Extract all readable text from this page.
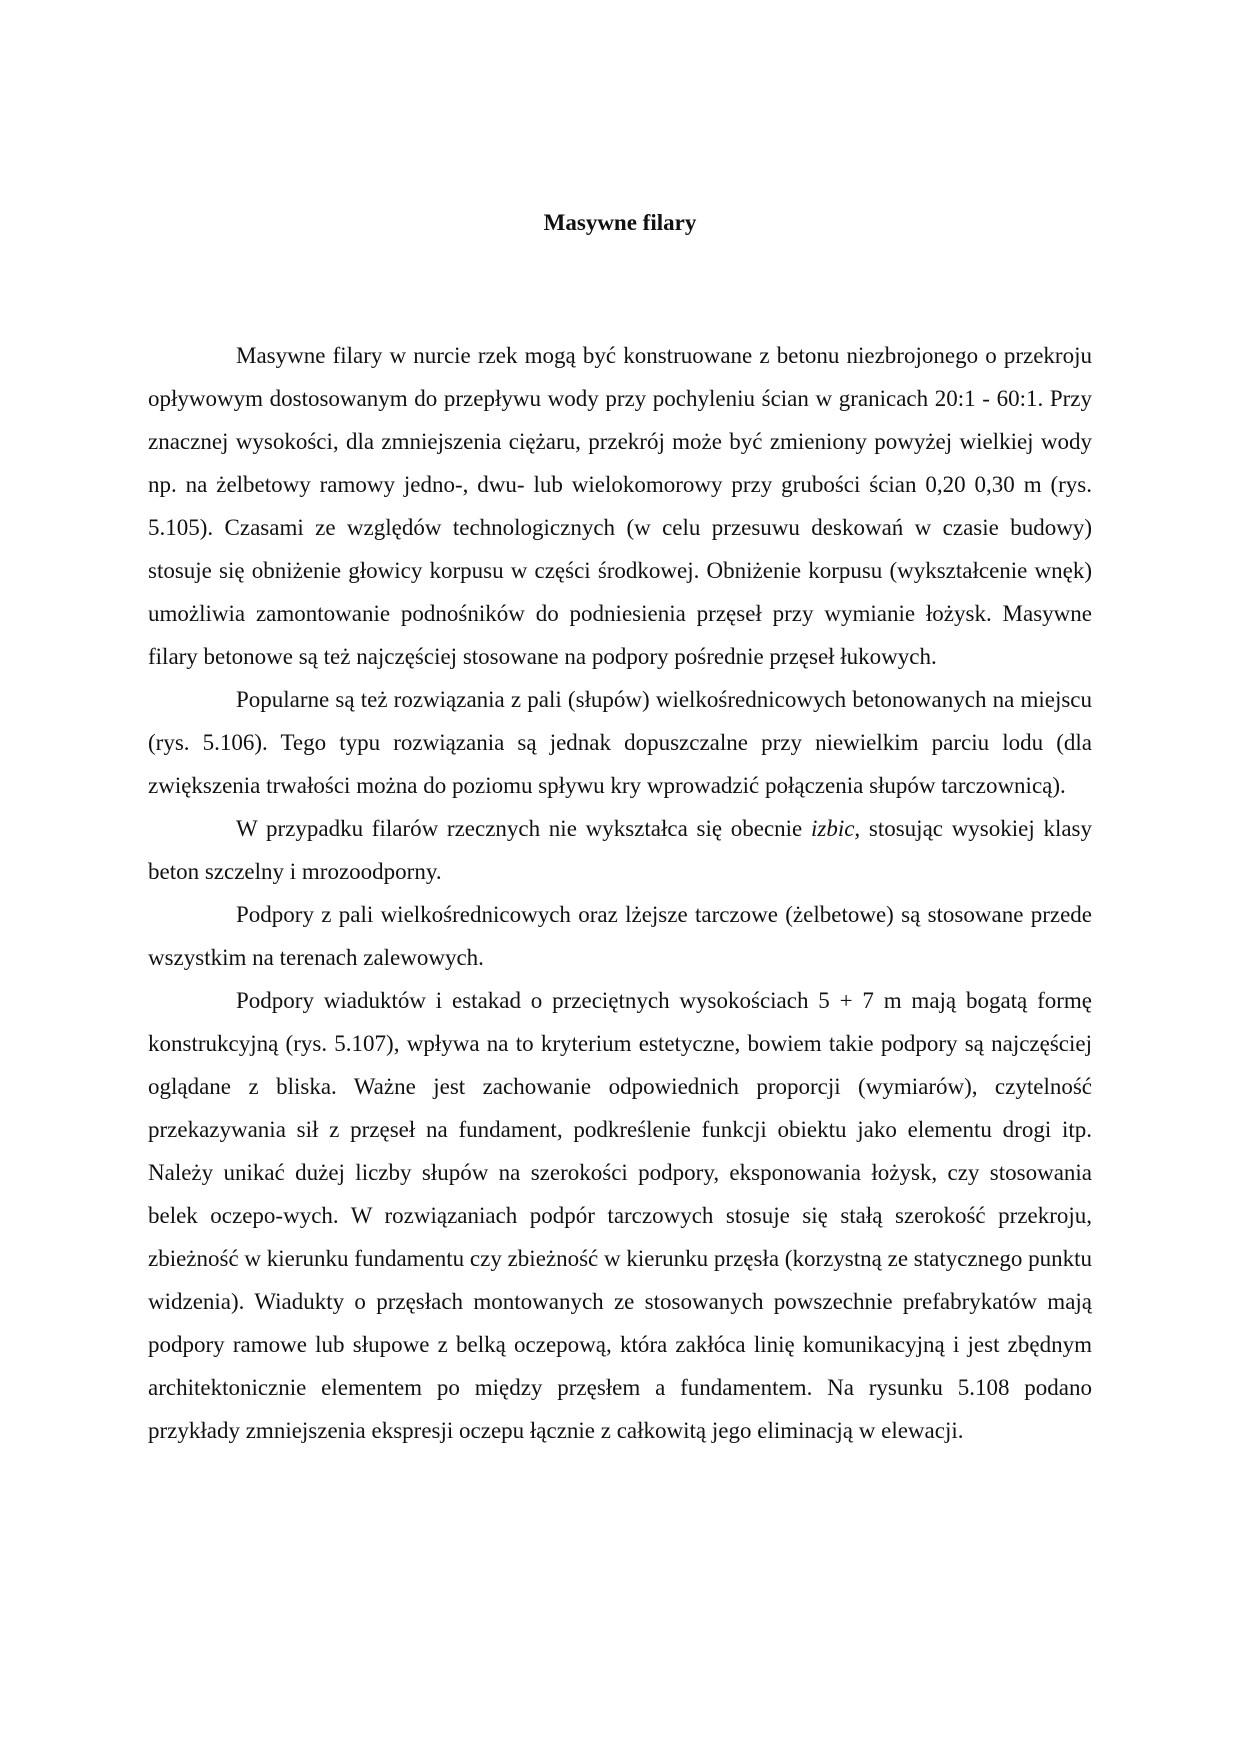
Masywne filary

Masywne filary w nurcie rzek mogą być konstruowane z betonu niezbrojonego o przekroju opływowym dostosowanym do przepływu wody przy pochyleniu ścian w granicach 20:1 - 60:1. Przy znacznej wysokości, dla zmniejszenia ciężaru, przekrój może być zmieniony powyżej wielkiej wody np. na żelbetowy ramowy jedno-, dwu- lub wielokomorowy przy grubości ścian 0,20 0,30 m (rys. 5.105). Czasami ze względów technologicznych (w celu przesuwu deskowań w czasie budowy) stosuje się obniżenie głowicy korpusu w części środkowej. Obniżenie korpusu (wykształcenie wnęk) umożliwia zamontowanie podnośników do podniesienia przęseł przy wymianie łożysk. Masywne filary betonowe są też najczęściej stosowane na podpory pośrednie przęseł łukowych.

Popularne są też rozwiązania z pali (słupów) wielkośrednicowych betonowanych na miejscu (rys. 5.106). Tego typu rozwiązania są jednak dopuszczalne przy niewielkim parciu lodu (dla zwiększenia trwałości można do poziomu spływu kry wprowadzić połączenia słupów tarczownicą).

W przypadku filarów rzecznych nie wykształca się obecnie izbic, stosując wysokiej klasy beton szczelny i mrozoodporny.

Podpory z pali wielkośrednicowych oraz lżejsze tarczowe (żelbetowe) są stosowane przede wszystkim na terenach zalewowych.

Podpory wiaduktów i estakad o przeciętnych wysokościach 5 + 7 m mają bogatą formę konstrukcyjną (rys. 5.107), wpływa na to kryterium estetyczne, bowiem takie podpory są najczęściej oglądane z bliska. Ważne jest zachowanie odpowiednich proporcji (wymiarów), czytelność przekazywania sił z przęseł na fundament, podkreślenie funkcji obiektu jako elementu drogi itp. Należy unikać dużej liczby słupów na szerokości podpory, eksponowania łożysk, czy stosowania belek oczepo-wych. W rozwiązaniach podpór tarczowych stosuje się stałą szerokość przekroju, zbieżność w kierunku fundamentu czy zbieżność w kierunku przęsła (korzystną ze statycznego punktu widzenia). Wiadukty o przęsłach montowanych ze stosowanych powszechnie prefabrykatów mają podpory ramowe lub słupowe z belką oczepową, która zakłóca linię komunikacyjną i jest zbędnym architektonicznie elementem po między przęsłem a fundamentem. Na rysunku 5.108 podano przykłady zmniejszenia ekspresji oczepu łącznie z całkowitą jego eliminacją w elewacji.
